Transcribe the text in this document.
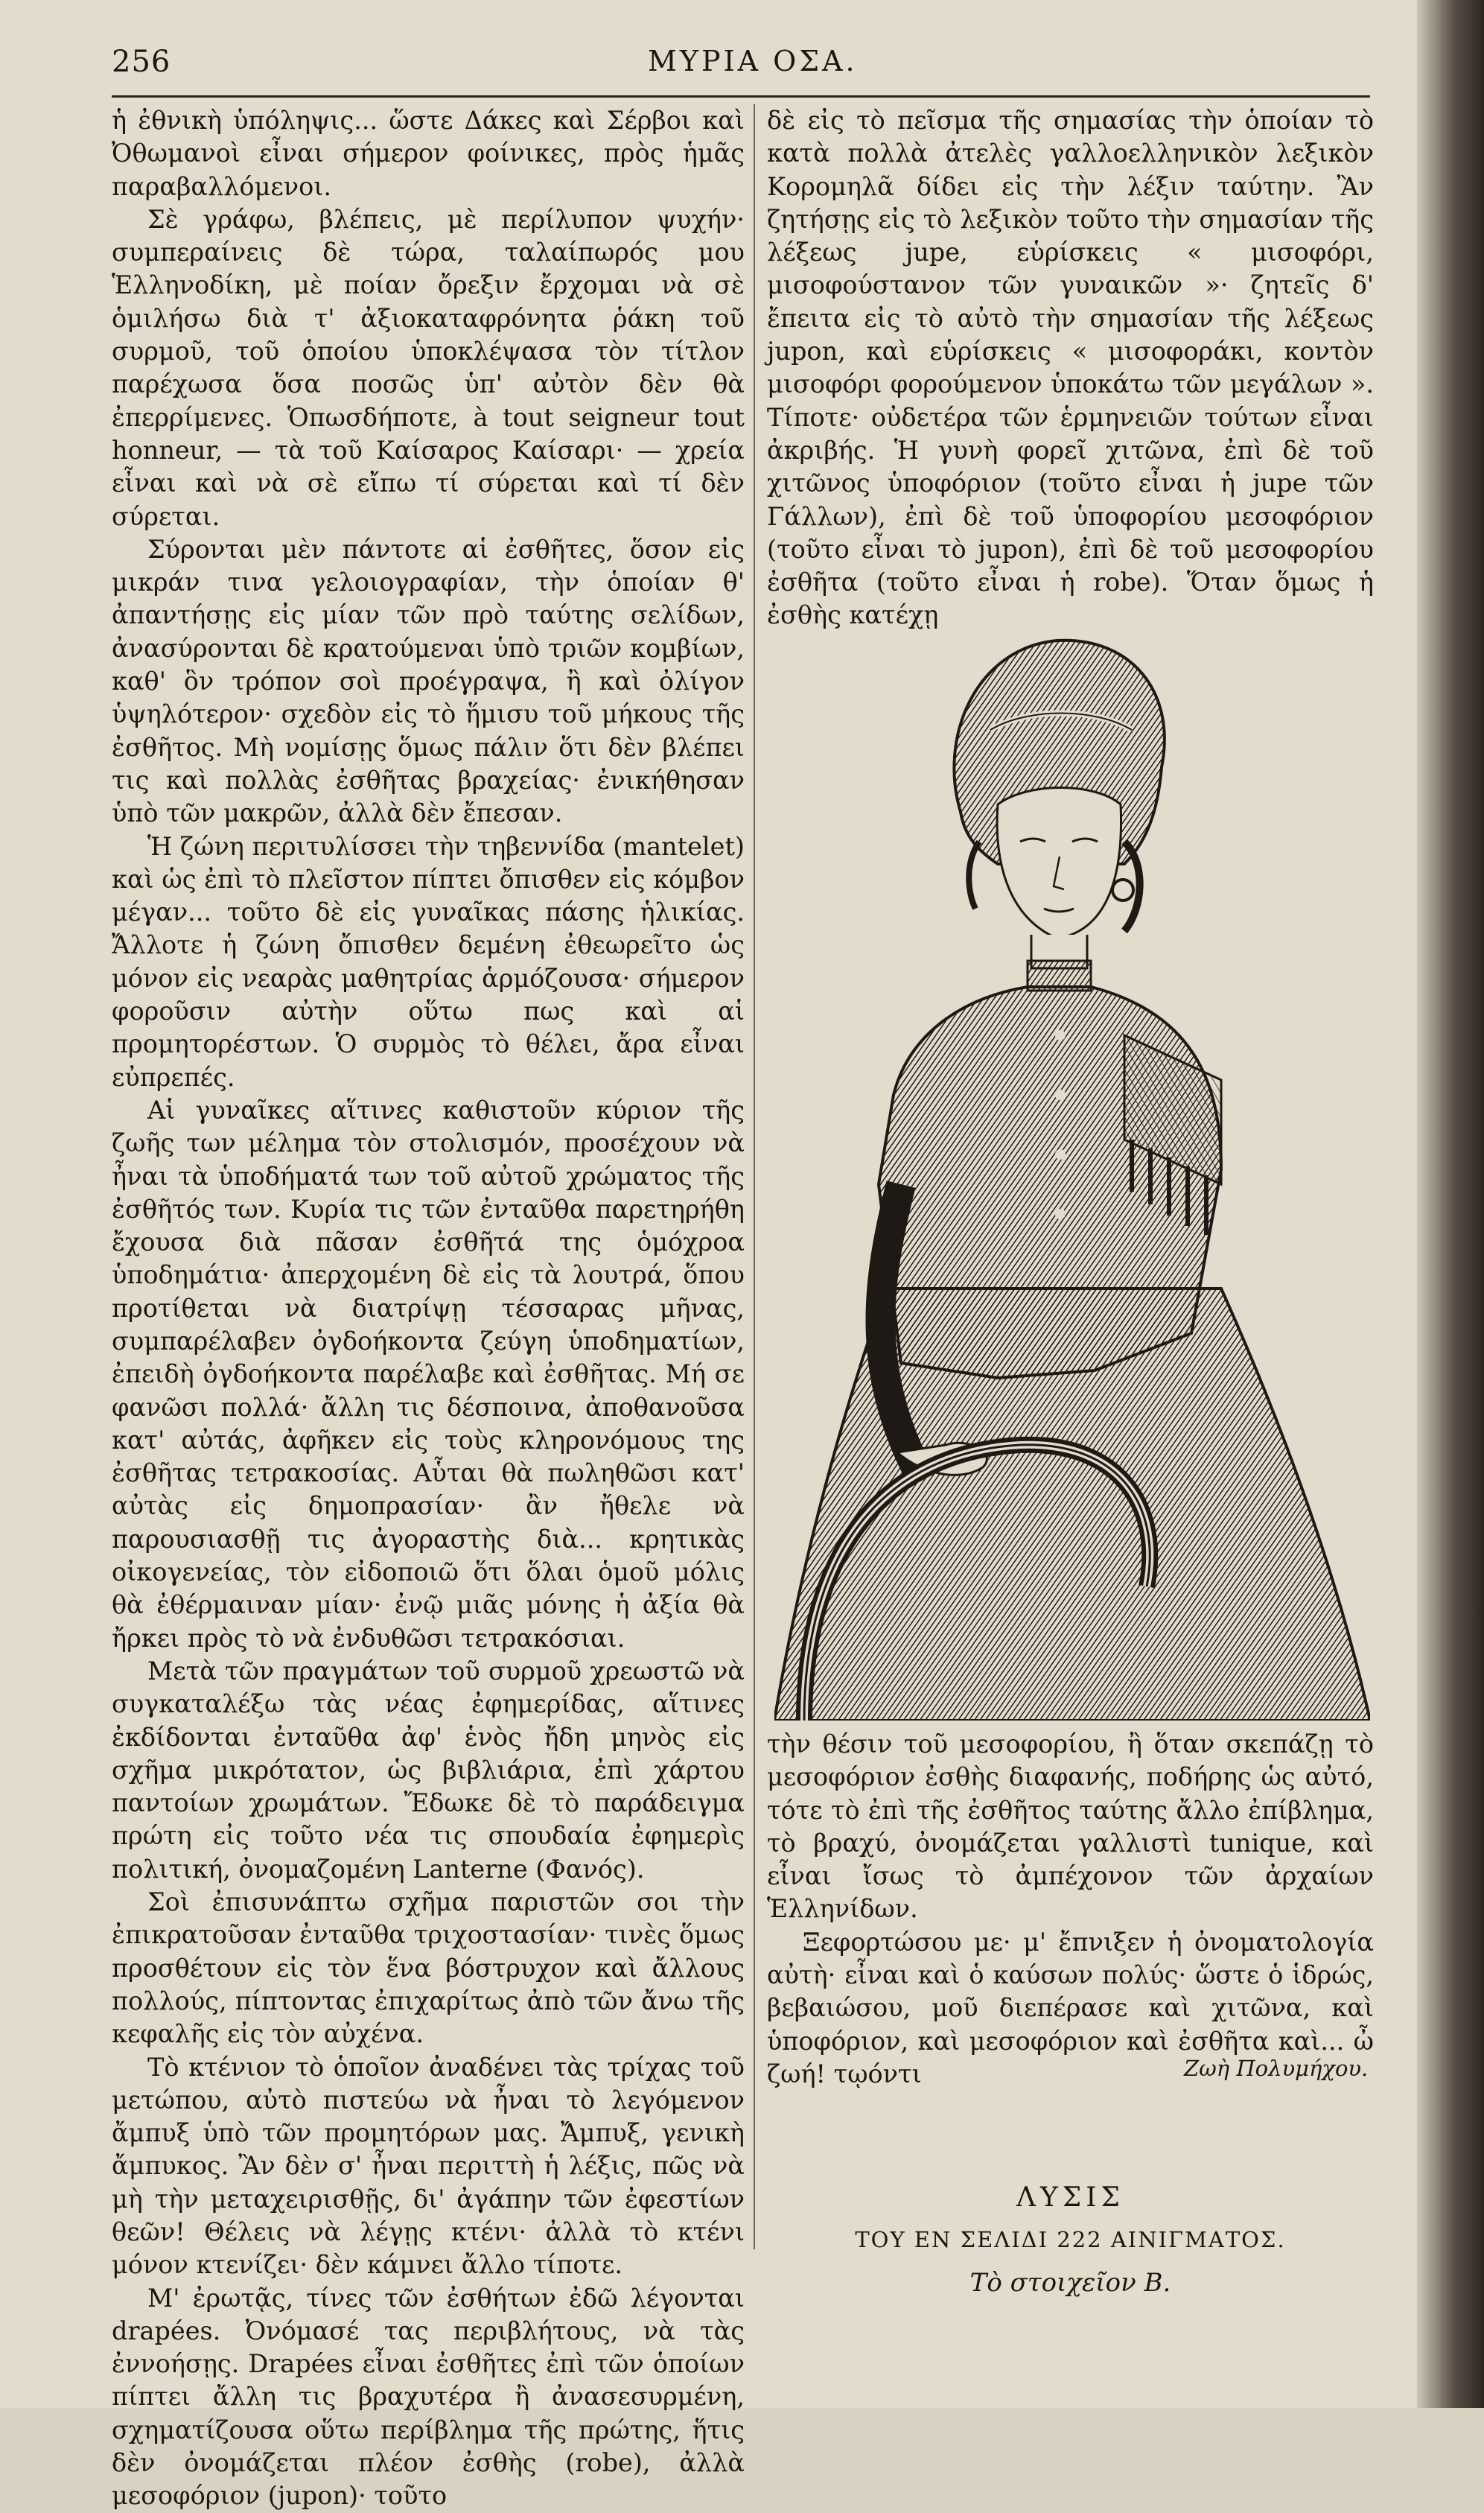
256	ΜΥΡΙΑ ΟΣΑ.

ἡ ἐθνικὴ ὑπόληψις... ὥστε Δάκες καὶ Σέρβοι καὶ Ὀθωμανοὶ εἶναι σήμερον φοίνικες, πρὸς ἡμᾶς παραβαλλόμενοι.

Σὲ γράφω, βλέπεις, μὲ περίλυπον ψυχήν· συμπεραίνεις δὲ τώρα, ταλαίπωρός μου Ἑλληνοδίκη, μὲ ποίαν ὄρεξιν ἔρχομαι νὰ σὲ ὁμιλήσω διὰ τ' ἀξιοκαταφρόνητα ῥάκη τοῦ συρμοῦ, τοῦ ὁποίου ὑποκλέψασα τὸν τίτλον παρέχωσα ὅσα ποσῶς ὑπ' αὐτὸν δὲν θὰ ἐπερρίμενες. Ὁπωσδήποτε, à tout seigneur tout honneur, — τὰ τοῦ Καίσαρος Καίσαρι· — χρεία εἶναι καὶ νὰ σὲ εἴπω τί σύρεται καὶ τί δὲν σύρεται.

Σύρονται μὲν πάντοτε αἱ ἐσθῆτες, ὅσον εἰς μικράν τινα γελοιογραφίαν, τὴν ὁποίαν θ' ἀπαντήσῃς εἰς μίαν τῶν πρὸ ταύτης σελίδων, ἀνασύρονται δὲ κρατούμεναι ὑπὸ τριῶν κομβίων, καθ' ὃν τρόπον σοὶ προέγραψα, ἢ καὶ ὀλίγον ὑψηλότερον· σχεδὸν εἰς τὸ ἥμισυ τοῦ μήκους τῆς ἐσθῆτος. Μὴ νομίσῃς ὅμως πάλιν ὅτι δὲν βλέπει τις καὶ πολλὰς ἐσθῆτας βραχείας· ἐνικήθησαν ὑπὸ τῶν μακρῶν, ἀλλὰ δὲν ἔπεσαν.

Ἡ ζώνη περιτυλίσσει τὴν τηβεννίδα (mantelet) καὶ ὡς ἐπὶ τὸ πλεῖστον πίπτει ὄπισθεν εἰς κόμβον μέγαν... τοῦτο δὲ εἰς γυναῖκας πάσης ἡλικίας. Ἄλλοτε ἡ ζώνη ὄπισθεν δεμένη ἐθεωρεῖτο ὡς μόνον εἰς νεαρὰς μαθητρίας ἁρμόζουσα· σήμερον φοροῦσιν αὐτὴν οὕτω πως καὶ αἱ προμητορέστων. Ὁ συρμὸς τὸ θέλει, ἄρα εἶναι εὐπρεπές.

Αἱ γυναῖκες αἵτινες καθιστοῦν κύριον τῆς ζωῆς των μέλημα τὸν στολισμόν, προσέχουν νὰ ἦναι τὰ ὑποδήματά των τοῦ αὐτοῦ χρώματος τῆς ἐσθῆτός των. Κυρία τις τῶν ἐνταῦθα παρετηρήθη ἔχουσα διὰ πᾶσαν ἐσθῆτά της ὁμόχροα ὑποδημάτια· ἀπερχομένη δὲ εἰς τὰ λουτρά, ὅπου προτίθεται νὰ διατρίψῃ τέσσαρας μῆνας, συμπαρέλαβεν ὀγδοήκοντα ζεύγη ὑποδηματίων, ἐπειδὴ ὀγδοήκοντα παρέλαβε καὶ ἐσθῆτας. Μή σε φανῶσι πολλά· ἄλλη τις δέσποινα, ἀποθανοῦσα κατ' αὐτάς, ἀφῆκεν εἰς τοὺς κληρονόμους της ἐσθῆτας τετρακοσίας. Αὗται θὰ πωληθῶσι κατ' αὐτὰς εἰς δημοπρασίαν· ἂν ἤθελε νὰ παρουσιασθῇ τις ἀγοραστὴς διὰ... κρητικὰς οἰκογενείας, τὸν εἰδοποιῶ ὅτι ὅλαι ὁμοῦ μόλις θὰ ἐθέρμαιναν μίαν· ἐνῷ μιᾶς μόνης ἡ ἀξία θὰ ἤρκει πρὸς τὸ νὰ ἐνδυθῶσι τετρακόσιαι.

Μετὰ τῶν πραγμάτων τοῦ συρμοῦ χρεωστῶ νὰ συγκαταλέξω τὰς νέας ἐφημερίδας, αἵτινες ἐκδίδονται ἐνταῦθα ἀφ' ἑνὸς ἤδη μηνὸς εἰς σχῆμα μικρότατον, ὡς βιβλιάρια, ἐπὶ χάρτου παντοίων χρωμάτων. Ἔδωκε δὲ τὸ παράδειγμα πρώτη εἰς τοῦτο νέα τις σπουδαία ἐφημερὶς πολιτική, ὀνομαζομένη Lanterne (Φανός).

Σοὶ ἐπισυνάπτω σχῆμα παριστῶν σοι τὴν ἐπικρατοῦσαν ἐνταῦθα τριχοστασίαν· τινὲς ὅμως προσθέτουν εἰς τὸν ἕνα βόστρυχον καὶ ἄλλους πολλούς, πίπτοντας ἐπιχαρίτως ἀπὸ τῶν ἄνω τῆς κεφαλῆς εἰς τὸν αὐχένα.

Τὸ κτένιον τὸ ὁποῖον ἀναδένει τὰς τρίχας τοῦ μετώπου, αὐτὸ πιστεύω νὰ ἦναι τὸ λεγόμενον ἄμπυξ ὑπὸ τῶν προμητόρων μας. Ἄμπυξ, γενικὴ ἄμπυκος. Ἂν δὲν σ' ἦναι περιττὴ ἡ λέξις, πῶς νὰ μὴ τὴν μεταχειρισθῇς, δι' ἀγάπην τῶν ἐφεστίων θεῶν! Θέλεις νὰ λέγῃς κτένι· ἀλλὰ τὸ κτένι μόνον κτενίζει· δὲν κάμνει ἄλλο τίποτε.

Μ' ἐρωτᾷς, τίνες τῶν ἐσθήτων ἐδῶ λέγονται drapées. Ὀνόμασέ τας περιβλήτους, νὰ τὰς ἐννοήσῃς. Drapées εἶναι ἐσθῆτες ἐπὶ τῶν ὁποίων πίπτει ἄλλη τις βραχυτέρα ἢ ἀνασεσυρμένη, σχηματίζουσα οὕτω περίβλημα τῆς πρώτης, ἥτις δὲν ὀνομάζεται πλέον ἐσθὴς (robe), ἀλλὰ μεσοφόριον (jupon)· τοῦτο

δὲ εἰς τὸ πεῖσμα τῆς σημασίας τὴν ὁποίαν τὸ κατὰ πολλὰ ἀτελὲς γαλλοελληνικὸν λεξικὸν Κορομηλᾶ δίδει εἰς τὴν λέξιν ταύτην. Ἂν ζητήσῃς εἰς τὸ λεξικὸν τοῦτο τὴν σημασίαν τῆς λέξεως jupe, εὑρίσκεις « μισοφόρι, μισοφούστανον τῶν γυναικῶν »· ζητεῖς δ' ἔπειτα εἰς τὸ αὐτὸ τὴν σημασίαν τῆς λέξεως jupon, καὶ εὑρίσκεις « μισοφοράκι, κοντὸν μισοφόρι φορούμενον ὑποκάτω τῶν μεγάλων ». Τίποτε· οὐδετέρα τῶν ἑρμηνειῶν τούτων εἶναι ἀκριβής. Ἡ γυνὴ φορεῖ χιτῶνα, ἐπὶ δὲ τοῦ χιτῶνος ὑποφόριον (τοῦτο εἶναι ἡ jupe τῶν Γάλλων), ἐπὶ δὲ τοῦ ὑποφορίου μεσοφόριον (τοῦτο εἶναι τὸ jupon), ἐπὶ δὲ τοῦ μεσοφορίου ἐσθῆτα (τοῦτο εἶναι ἡ robe). Ὅταν ὅμως ἡ ἐσθὴς κατέχῃ

τὴν θέσιν τοῦ μεσοφορίου, ἢ ὅταν σκεπάζῃ τὸ μεσοφόριον ἐσθὴς διαφανής, ποδήρης ὡς αὐτό, τότε τὸ ἐπὶ τῆς ἐσθῆτος ταύτης ἄλλο ἐπίβλημα, τὸ βραχύ, ὀνομάζεται γαλλιστὶ tunique, καὶ εἶναι ἴσως τὸ ἀμπέχονον τῶν ἀρχαίων Ἑλληνίδων.

Ξεφορτώσου με· μ' ἔπνιξεν ἡ ὀνοματολογία αὐτὴ· εἶναι καὶ ὁ καύσων πολύς· ὥστε ὁ ἱδρώς, βεβαιώσου, μοῦ διεπέρασε καὶ χιτῶνα, καὶ ὑποφόριον, καὶ μεσοφόριον καὶ ἐσθῆτα καὶ... ὦ ζωή! τῳόντι	Ζωὴ Πολυμήχου.
ΛΥΣΙΣ
ΤΟΥ ΕΝ ΣΕΛΙΔΙ 222 ΑΙΝΙΓΜΑΤΟΣ.
Τὸ στοιχεῖον Β.
